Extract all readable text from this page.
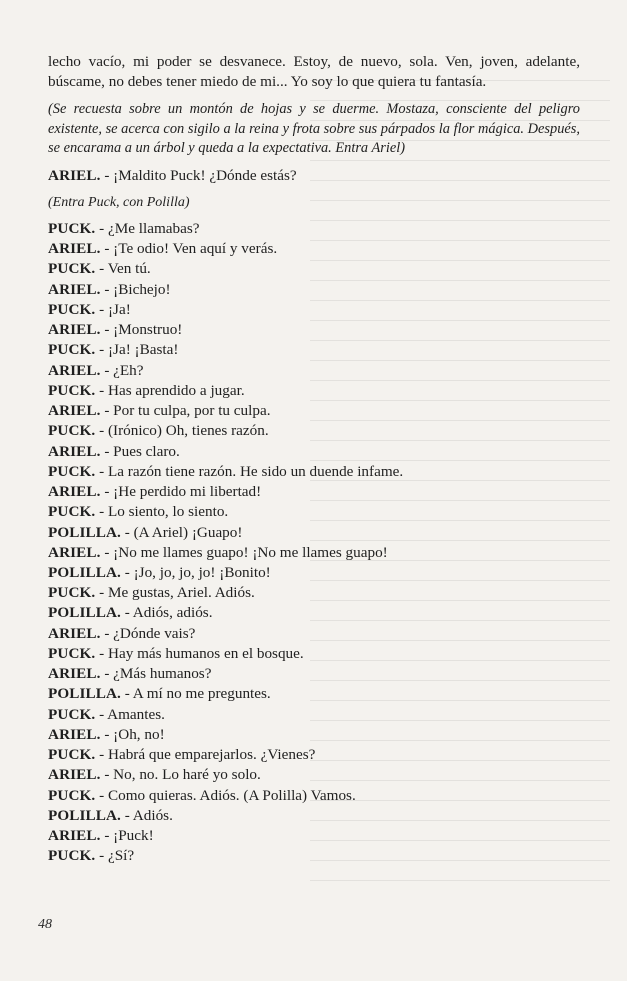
lecho vacío, mi poder se desvanece. Estoy, de nuevo, sola. Ven, joven, adelante, búscame, no debes tener miedo de mi... Yo soy lo que quiera tu fantasía.

(Se recuesta sobre un montón de hojas y se duerme. Mostaza, consciente del peligro existente, se acerca con sigilo a la reina y frota sobre sus párpados la flor mágica. Después, se encarama a un árbol y queda a la expectativa. Entra Ariel)

ARIEL. - ¡Maldito Puck! ¿Dónde estás?

(Entra Puck, con Polilla)

PUCK. - ¿Me llamabas?
ARIEL. - ¡Te odio! Ven aquí y verás.
PUCK. - Ven tú.
ARIEL. - ¡Bichejo!
PUCK. - ¡Ja!
ARIEL. - ¡Monstruo!
PUCK. - ¡Ja! ¡Basta!
ARIEL. - ¿Eh?
PUCK. - Has aprendido a jugar.
ARIEL. - Por tu culpa, por tu culpa.
PUCK. - (Irónico) Oh, tienes razón.
ARIEL. - Pues claro.
PUCK. - La razón tiene razón. He sido un duende infame.
ARIEL. - ¡He perdido mi libertad!
PUCK. - Lo siento, lo siento.
POLILLA. - (A Ariel) ¡Guapo!
ARIEL. - ¡No me llames guapo! ¡No me llames guapo!
POLILLA. - ¡Jo, jo, jo, jo! ¡Bonito!
PUCK. - Me gustas, Ariel. Adiós.
POLILLA. - Adiós, adiós.
ARIEL. - ¿Dónde vais?
PUCK. - Hay más humanos en el bosque.
ARIEL. - ¿Más humanos?
POLILLA. - A mí no me preguntes.
PUCK. - Amantes.
ARIEL. - ¡Oh, no!
PUCK. - Habrá que emparejarlos. ¿Vienes?
ARIEL. - No, no. Lo haré yo solo.
PUCK. - Como quieras. Adiós. (A Polilla) Vamos.
POLILLA. - Adiós.
ARIEL. - ¡Puck!
PUCK. - ¿Sí?
48
